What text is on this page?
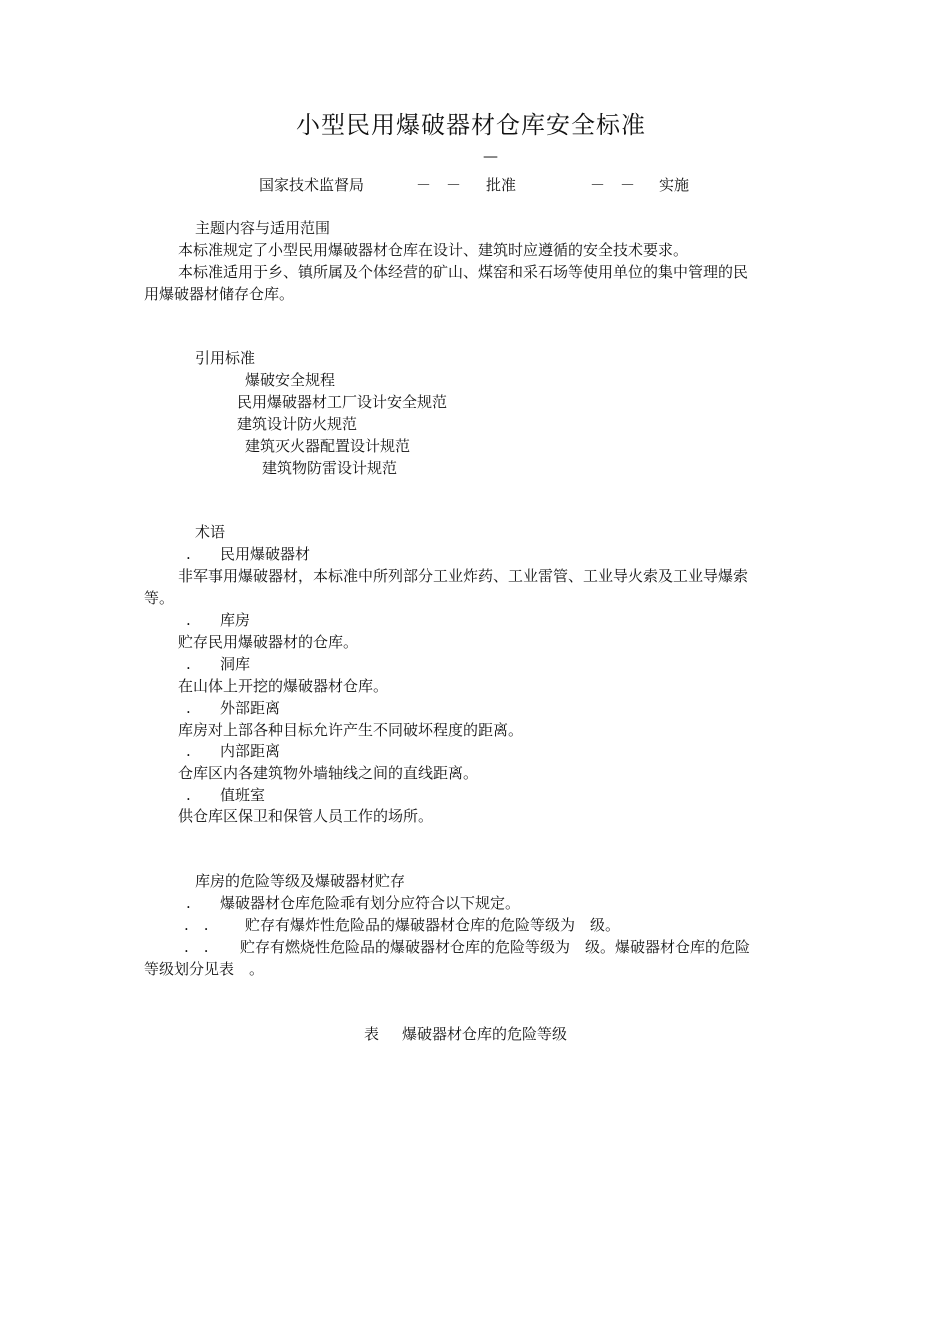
小型民用爆破器材仓库安全标准
—
国家技术监督局	－　－ 批准	－　－ 实施
主题内容与适用范围
本标准规定了小型民用爆破器材仓库在设计、建筑时应遵循的安全技术要求。
本标准适用于乡、镇所属及个体经营的矿山、煤窑和采石场等使用单位的集中管理的民
用爆破器材储存仓库。
引用标准
爆破安全规程
民用爆破器材工厂设计安全规范
建筑设计防火规范
建筑灭火器配置设计规范
建筑物防雷设计规范
术语
. 民用爆破器材
非军事用爆破器材，本标准中所列部分工业炸药、工业雷管、工业导火索及工业导爆索
等。
. 库房
贮存民用爆破器材的仓库。
. 洞库
在山体上开挖的爆破器材仓库。
. 外部距离
库房对上部各种目标允许产生不同破坏程度的距离。
. 内部距离
仓库区内各建筑物外墙轴线之间的直线距离。
. 值班室
供仓库区保卫和保管人员工作的场所。
库房的危险等级及爆破器材贮存
. 爆破器材仓库危险乖有划分应符合以下规定。
.　. 贮存有爆炸性危险品的爆破器材仓库的危险等级为　级。
.　. 贮存有燃烧性危险品的爆破器材仓库的危险等级为　级。爆破器材仓库的危险
等级划分见表　。
表 爆破器材仓库的危险等级
